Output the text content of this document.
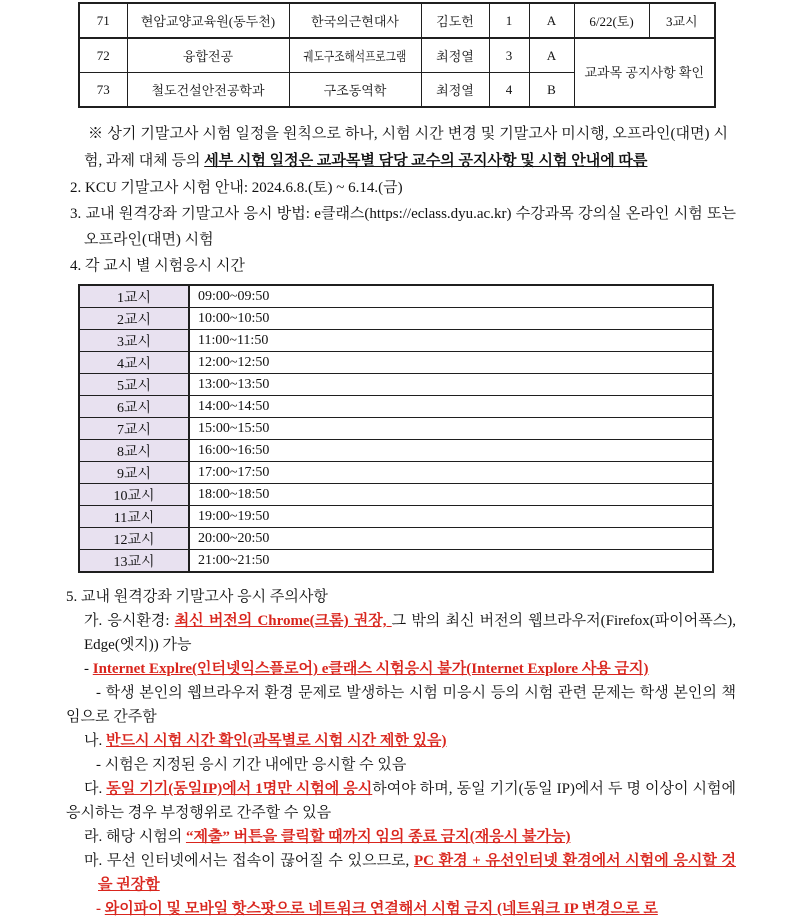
71	현암교양교육원(동두천)	한국의근현대사	김도헌	1	A	6/22(토)	3교시
72	융합전공	궤도구조해석프로그램	최정열	3	A	교과목 공지사항 확인	
73	철도건설안전공학과	구조동역학	최정열	4	B		

※ 상기 기말고사 시험 일정을 원칙으로 하나, 시험 시간 변경 및 기말고사 미시행, 오프라인(대면) 시험, 과제 대체 등의 세부 시험 일정은 교과목별 담당 교수의 공지사항 및 시험 안내에 따름

2. KCU 기말고사 시험 안내: 2024.6.8.(토) ~ 6.14.(금)

3. 교내 원격강좌 기말고사 응시 방법: e클래스(https://eclass.dyu.ac.kr) 수강과목 강의실 온라인 시험 또는 오프라인(대면) 시험

4. 각 교시 별 시험응시 시간

1교시	09:00~09:50
2교시	10:00~10:50
3교시	11:00~11:50
4교시	12:00~12:50
5교시	13:00~13:50
6교시	14:00~14:50
7교시	15:00~15:50
8교시	16:00~16:50
9교시	17:00~17:50
10교시	18:00~18:50
11교시	19:00~19:50
12교시	20:00~20:50
13교시	21:00~21:50

5. 교내 원격강좌 기말고사 응시 주의사항

가. 응시환경: 최신 버전의 Chrome(크롬) 권장, 그 밖의 최신 버전의 웹브라우저(Firefox(파이어폭스), Edge(엣지)) 가능

- Internet Explre(인터넷익스플로어) e클래스 시험응시 불가(Internet Explore 사용 금지)

- 학생 본인의 웹브라우저 환경 문제로 발생하는 시험 미응시 등의 시험 관련 문제는 학생 본인의 책임으로 간주함

나. 반드시 시험 시간 확인(과목별로 시험 시간 제한 있음)

- 시험은 지정된 응시 기간 내에만 응시할 수 있음

다. 동일 기기(동일IP)에서 1명만 시험에 응시하여야 하며, 동일 기기(동일 IP)에서 두 명 이상이 시험에 응시하는 경우 부정행위로 간주할 수 있음

라. 해당 시험의 “제출” 버튼을 클릭할 때까지 임의 종료 금지(재응시 불가능)

마. 무선 인터넷에서는 접속이 끊어질 수 있으므로, PC 환경 + 유선인터넷 환경에서 시험에 응시할 것을 권장함

- 와이파이 및 모바일 핫스팟으로 네트워크 연결해서 시험 금지 (네트워크 IP 변경으로 로
